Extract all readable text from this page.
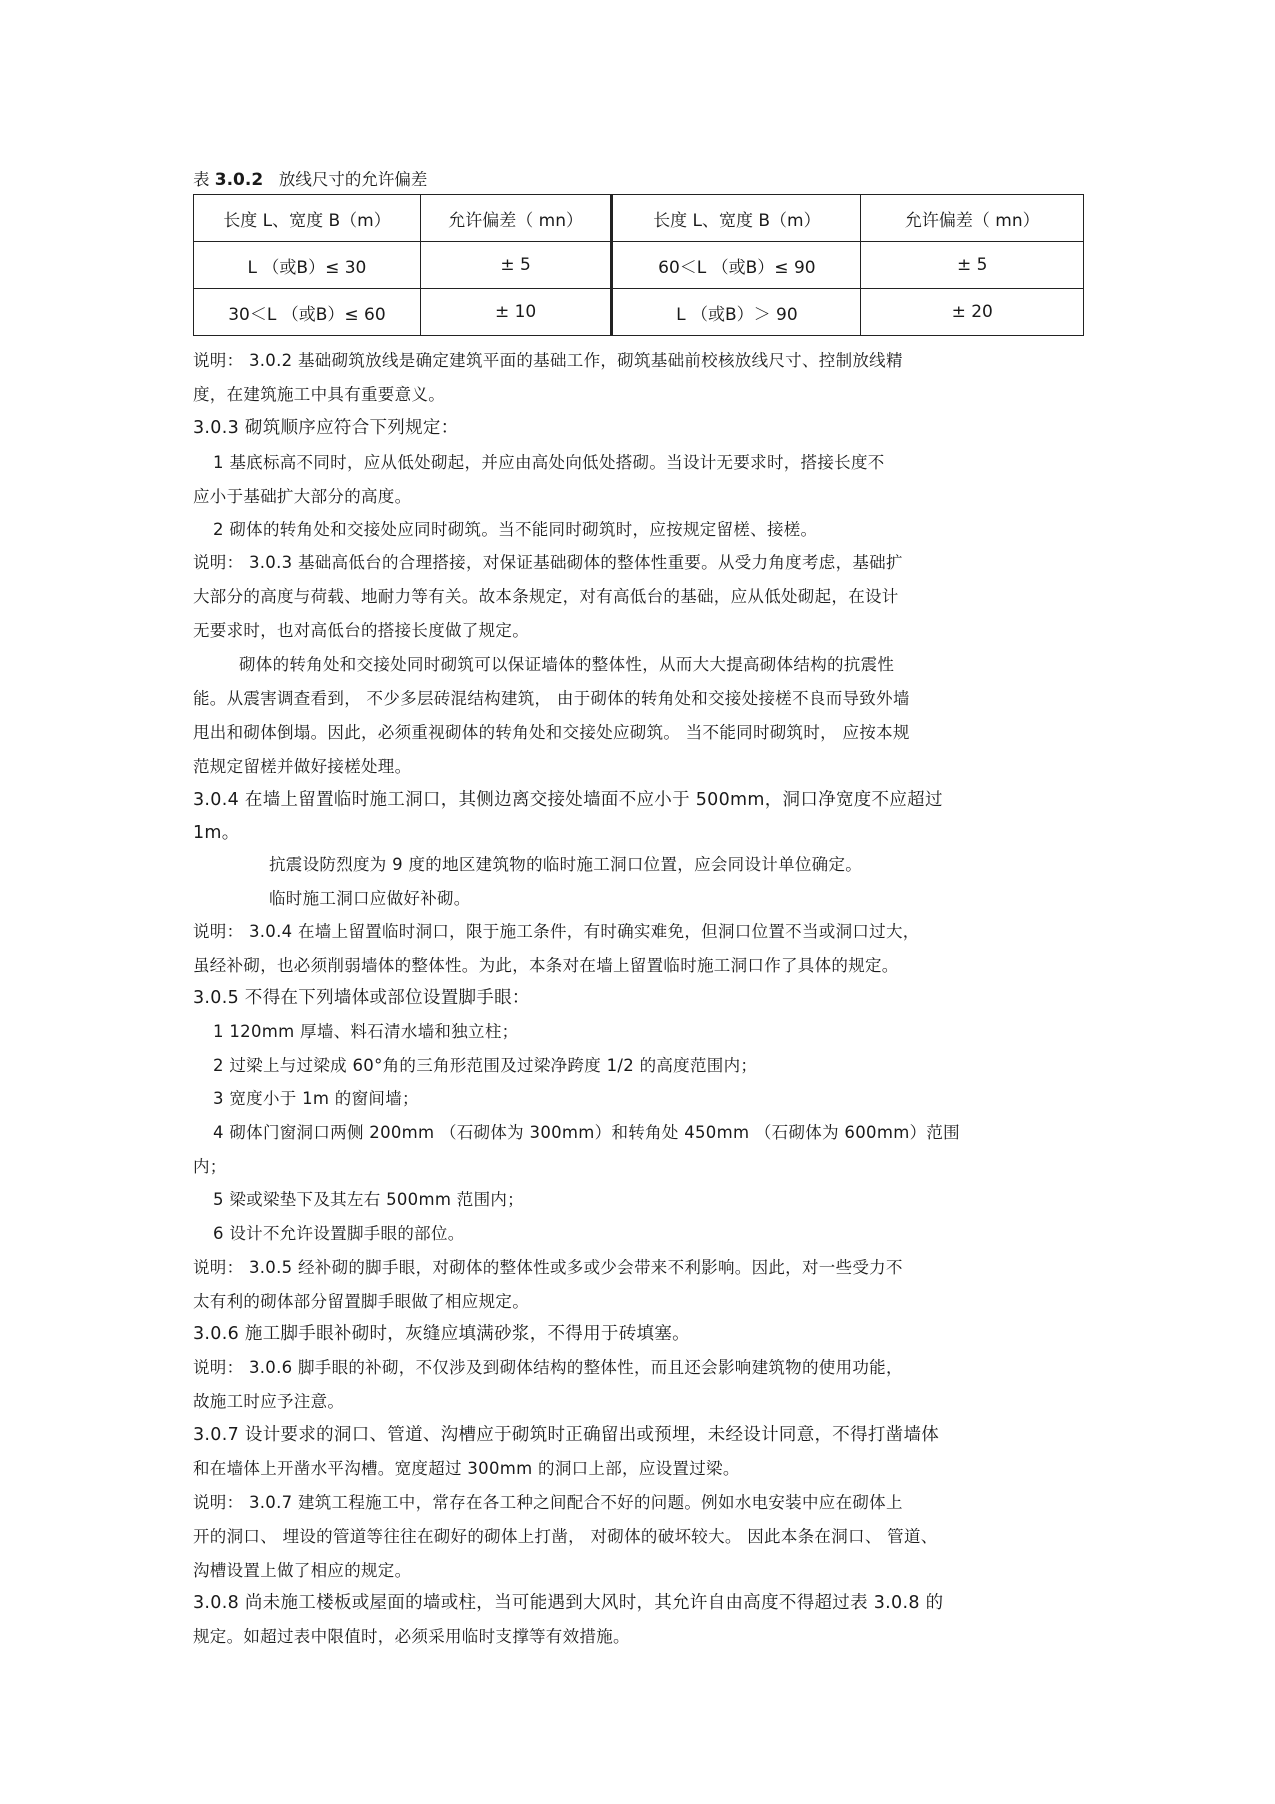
表 3.0.2 放线尺寸的允许偏差
长度 L、宽度 B（m）	允许偏差（ mn）	长度 L、宽度 B（m）	允许偏差（ mn）
L （或B）≤ 30	± 5	60＜L （或B）≤ 90	± 5
30＜L （或B）≤ 60	± 10	L （或B）＞ 90	± 20
说明： 3.0.2 基础砌筑放线是确定建筑平面的基础工作，砌筑基础前校核放线尺寸、控制放线精
度，在建筑施工中具有重要意义。
3.0.3 砌筑顺序应符合下列规定：
1 基底标高不同时，应从低处砌起，并应由高处向低处搭砌。当设计无要求时，搭接长度不
应小于基础扩大部分的高度。
2 砌体的转角处和交接处应同时砌筑。当不能同时砌筑时，应按规定留槎、接槎。
说明： 3.0.3 基础高低台的合理搭接，对保证基础砌体的整体性重要。从受力角度考虑，基础扩
大部分的高度与荷载、地耐力等有关。故本条规定，对有高低台的基础，应从低处砌起，在设计
无要求时，也对高低台的搭接长度做了规定。
砌体的转角处和交接处同时砌筑可以保证墙体的整体性，从而大大提高砌体结构的抗震性
能。从震害调查看到， 不少多层砖混结构建筑， 由于砌体的转角处和交接处接槎不良而导致外墙
甩出和砌体倒塌。因此，必须重视砌体的转角处和交接处应砌筑。 当不能同时砌筑时， 应按本规
范规定留槎并做好接槎处理。
3.0.4 在墙上留置临时施工洞口，其侧边离交接处墙面不应小于 500mm，洞口净宽度不应超过
1m。
抗震设防烈度为 9 度的地区建筑物的临时施工洞口位置，应会同设计单位确定。
临时施工洞口应做好补砌。
说明： 3.0.4 在墙上留置临时洞口，限于施工条件，有时确实难免，但洞口位置不当或洞口过大，
虽经补砌，也必须削弱墙体的整体性。为此，本条对在墙上留置临时施工洞口作了具体的规定。
3.0.5 不得在下列墙体或部位设置脚手眼：
1 120mm 厚墙、料石清水墙和独立柱；
2 过梁上与过梁成 60°角的三角形范围及过梁净跨度 1/2 的高度范围内；
3 宽度小于 1m 的窗间墙；
4 砌体门窗洞口两侧 200mm （石砌体为 300mm）和转角处 450mm （石砌体为 600mm）范围
内；
5 梁或梁垫下及其左右 500mm 范围内；
6 设计不允许设置脚手眼的部位。
说明： 3.0.5 经补砌的脚手眼，对砌体的整体性或多或少会带来不利影响。因此，对一些受力不
太有利的砌体部分留置脚手眼做了相应规定。
3.0.6 施工脚手眼补砌时，灰缝应填满砂浆，不得用于砖填塞。
说明： 3.0.6 脚手眼的补砌，不仅涉及到砌体结构的整体性，而且还会影响建筑物的使用功能，
故施工时应予注意。
3.0.7 设计要求的洞口、管道、沟槽应于砌筑时正确留出或预埋，未经设计同意，不得打凿墙体
和在墙体上开凿水平沟槽。宽度超过 300mm 的洞口上部，应设置过梁。
说明： 3.0.7 建筑工程施工中，常存在各工种之间配合不好的问题。例如水电安装中应在砌体上
开的洞口、 埋设的管道等往往在砌好的砌体上打凿， 对砌体的破坏较大。 因此本条在洞口、 管道、
沟槽设置上做了相应的规定。
3.0.8 尚未施工楼板或屋面的墙或柱，当可能遇到大风时，其允许自由高度不得超过表 3.0.8 的
规定。如超过表中限值时，必须采用临时支撑等有效措施。
